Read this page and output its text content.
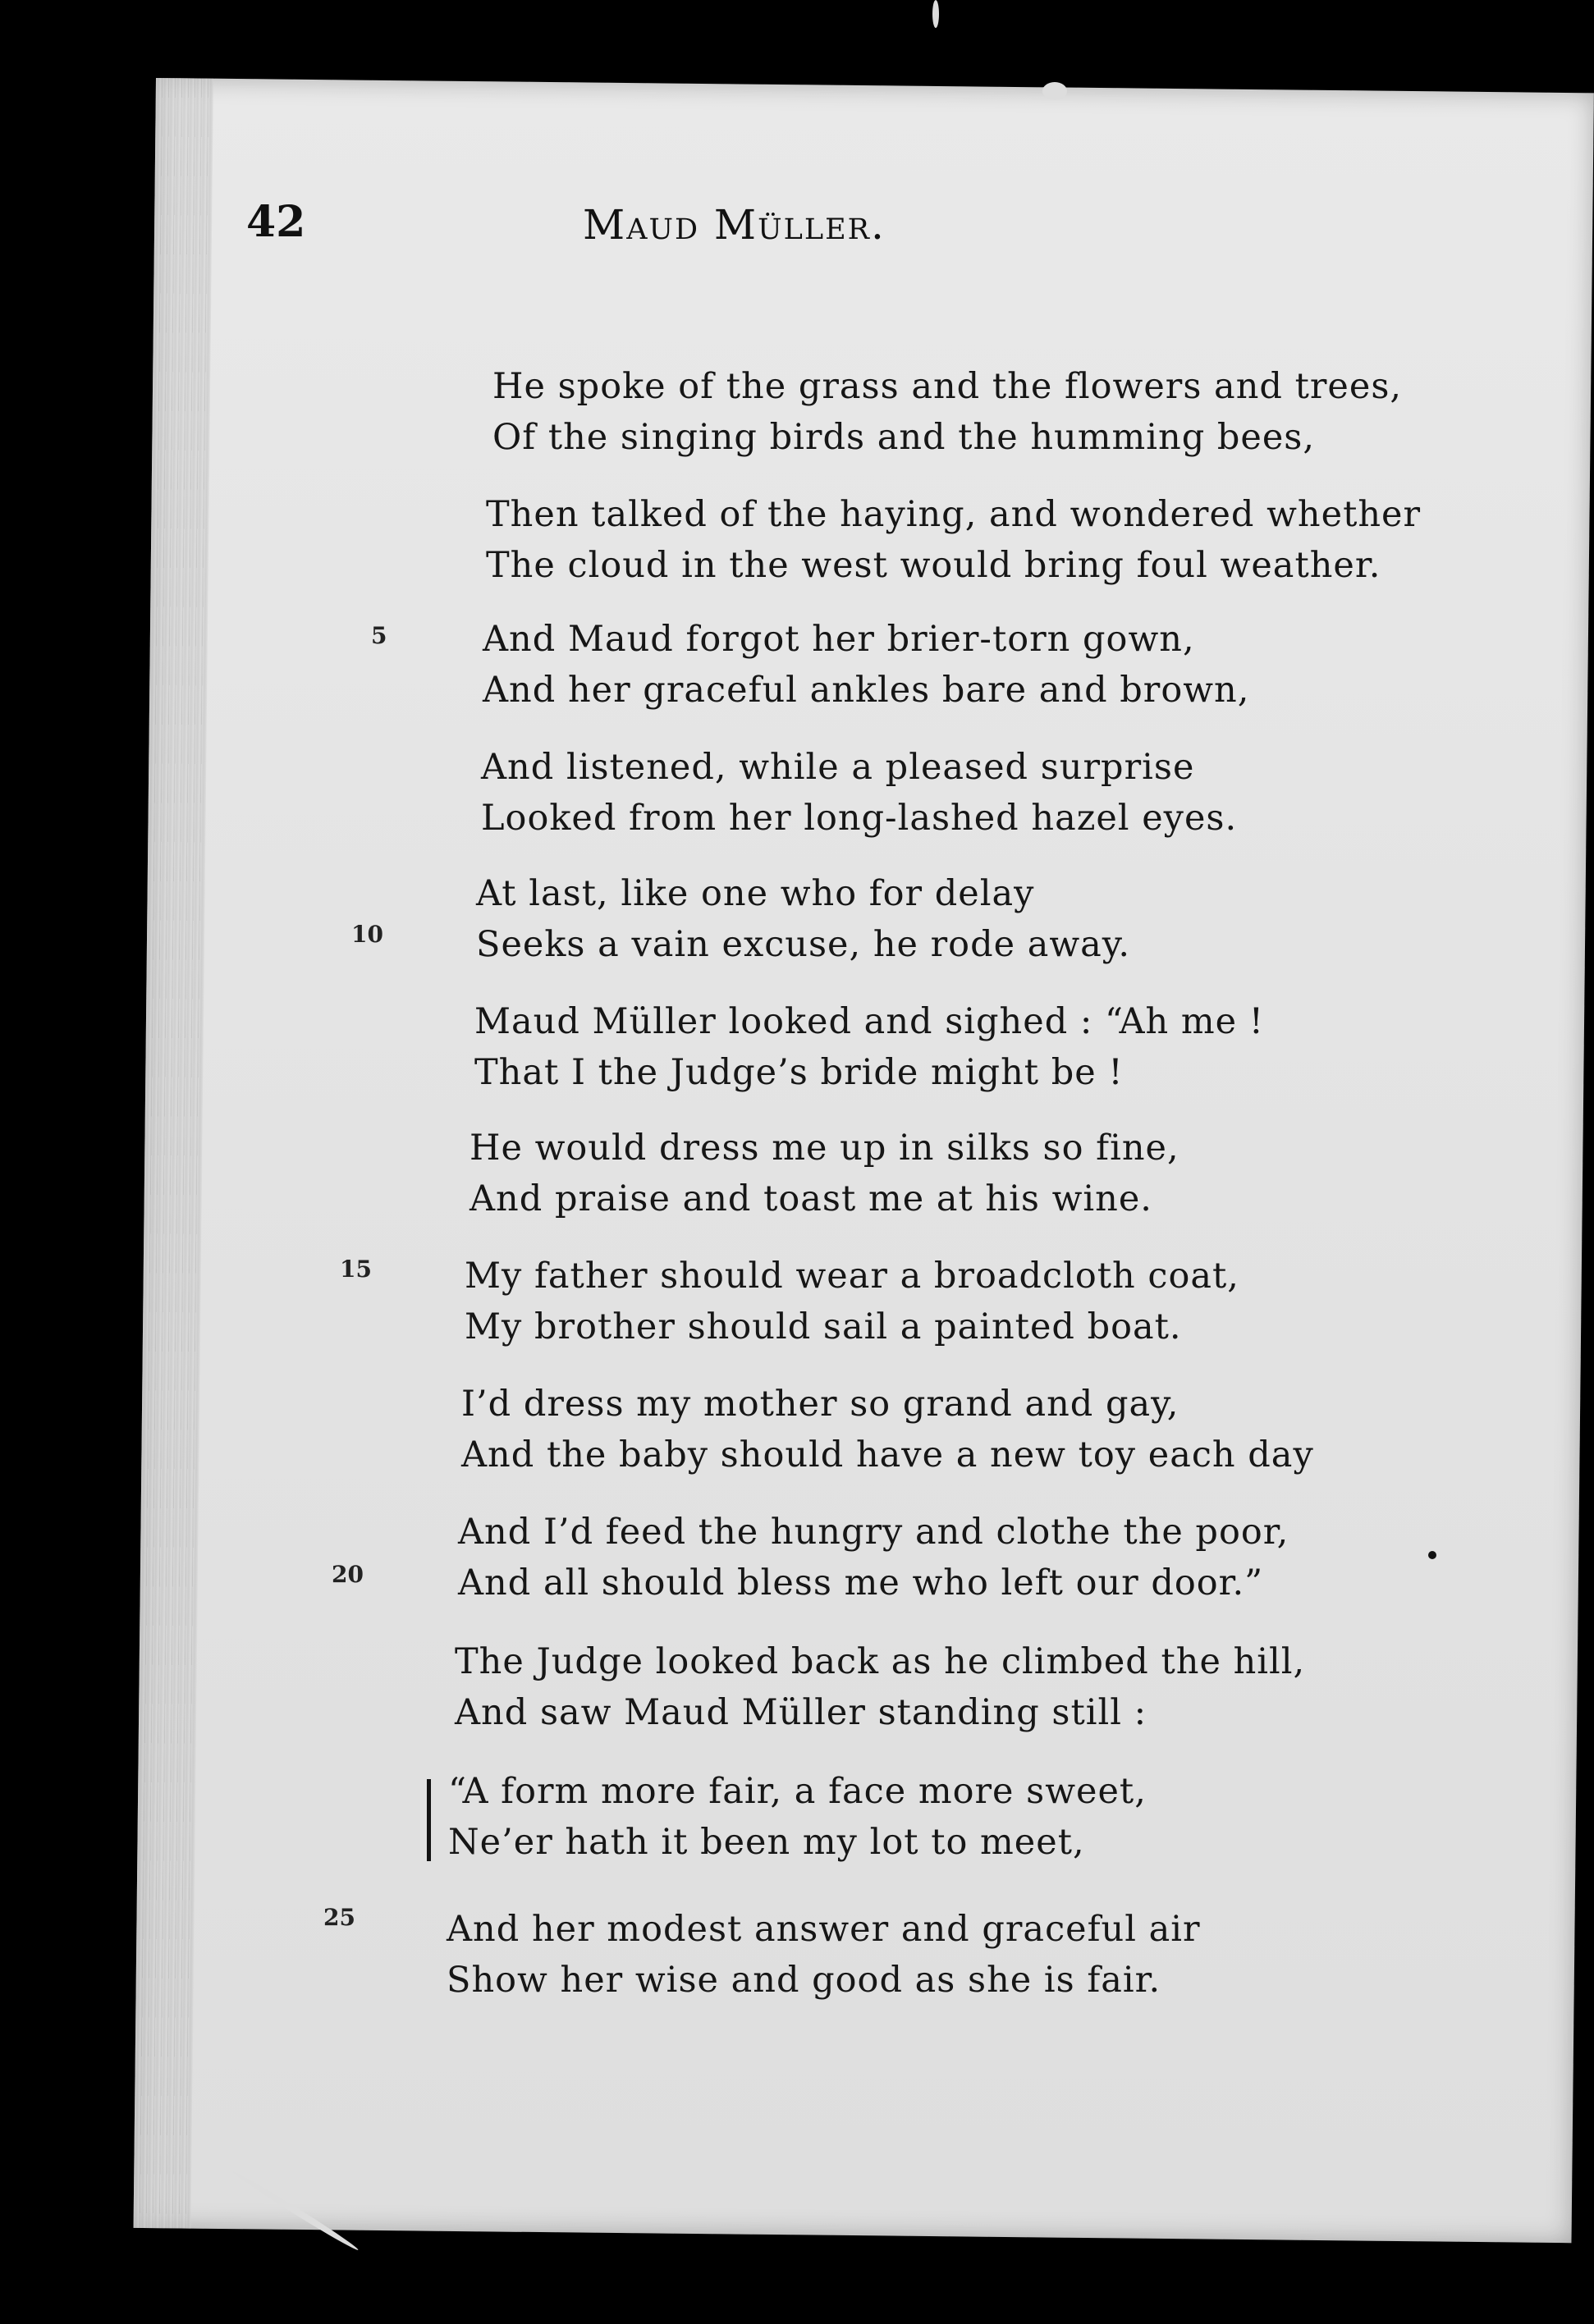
42	Maud Müller.
He spoke of the grass and the flowers and trees,
Of the singing birds and the humming bees,
Then talked of the haying, and wondered whether
The cloud in the west would bring foul weather.
5	And Maud forgot her brier-torn gown,
And her graceful ankles bare and brown,
And listened, while a pleased surprise
Looked from her long-lashed hazel eyes.
10
At last, like one who for delay
Seeks a vain excuse, he rode away.
Maud Müller looked and sighed : “Ah me !
That I the Judge’s bride might be !
He would dress me up in silks so fine,
And praise and toast me at his wine.
15	My father should wear a broadcloth coat,
My brother should sail a painted boat.
I’d dress my mother so grand and gay,
And the baby should have a new toy each day
20
And I’d feed the hungry and clothe the poor,
And all should bless me who left our door.”
The Judge looked back as he climbed the hill,
And saw Maud Müller standing still :
“A form more fair, a face more sweet,
Ne’er hath it been my lot to meet,
25	And her modest answer and graceful air
Show her wise and good as she is fair.
